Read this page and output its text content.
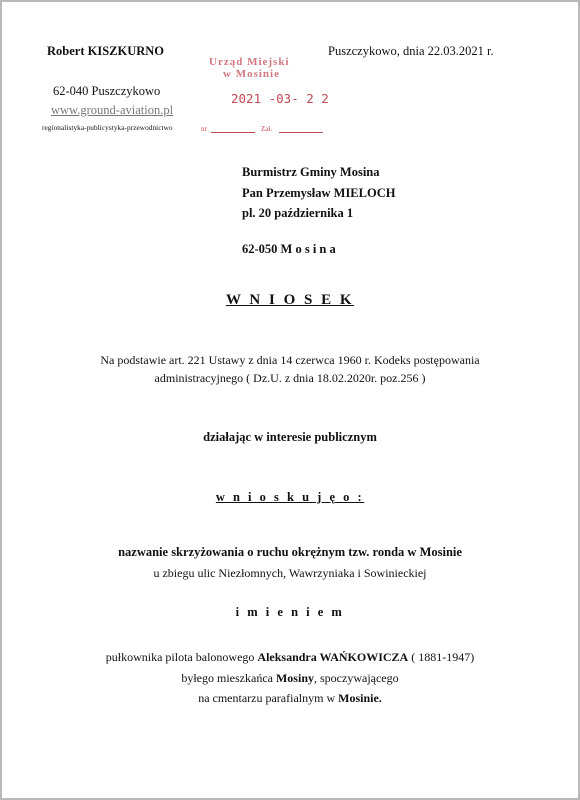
Robert KISZKURNO
62-040 Puszczykowo
www.ground-aviation.pl
regionalistyka-publicystyka-przewodnictwo
Puszczykowo, dnia 22.03.2021 r.
Urząd Miejski
w Mosinie
2021 -03- 2 2
nr	Zał.
Burmistrz Gminy Mosina
Pan Przemysław MIELOCH
pl. 20 października 1
62-050 M o s i n a
W N I O S E K
Na podstawie art. 221 Ustawy z dnia 14 czerwca 1960 r. Kodeks postępowania
administracyjnego ( Dz.U. z dnia 18.02.2020r. poz.256 )
działając w interesie publicznym
w n i o s k u j ę o :
nazwanie skrzyżowania o ruchu okrężnym tzw. ronda w Mosinie
u zbiegu ulic Niezłomnych, Wawrzyniaka i Sowinieckiej
i m i e n i e m
pułkownika pilota balonowego Aleksandra WAŃKOWICZA ( 1881-1947)
byłego mieszkańca Mosiny, spoczywającego
na cmentarzu parafialnym w Mosinie.
